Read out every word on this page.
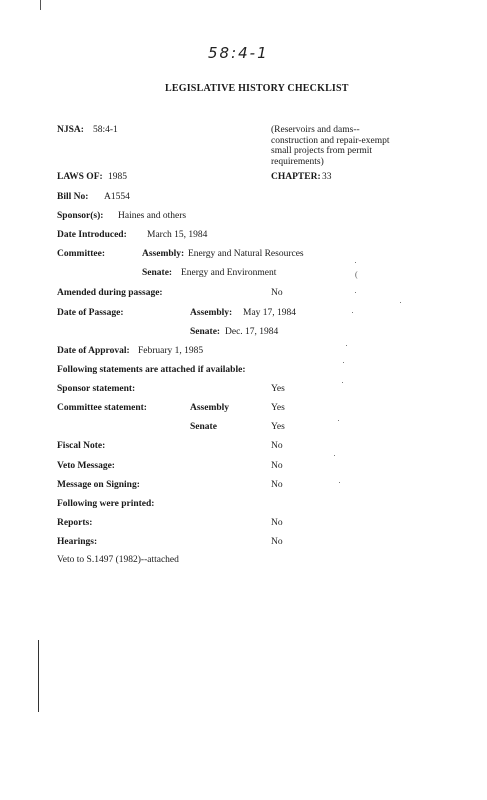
(
58:4-1
LEGISLATIVE HISTORY CHECKLIST
NJSA: 58:4-1	(Reservoirs and dams--construction and repair-exempt small projects from permit requirements)
LAWS OF: 1985	CHAPTER: 33
Bill No: A1554
Sponsor(s): Haines and others
Date Introduced: March 15, 1984
Committee:	Assembly: Energy and Natural Resources
Senate: Energy and Environment
Amended during passage:	No
Date of Passage:	Assembly: May 17, 1984
Senate: Dec. 17, 1984
Date of Approval: February 1, 1985
Following statements are attached if available:
Sponsor statement:	Yes
Committee statement:	Assembly	Yes
Senate	Yes
Fiscal Note:	No
Veto Message:	No
Message on Signing:	No
Following were printed:
Reports:	No
Hearings:	No
Veto to S.1497 (1982)--attached
